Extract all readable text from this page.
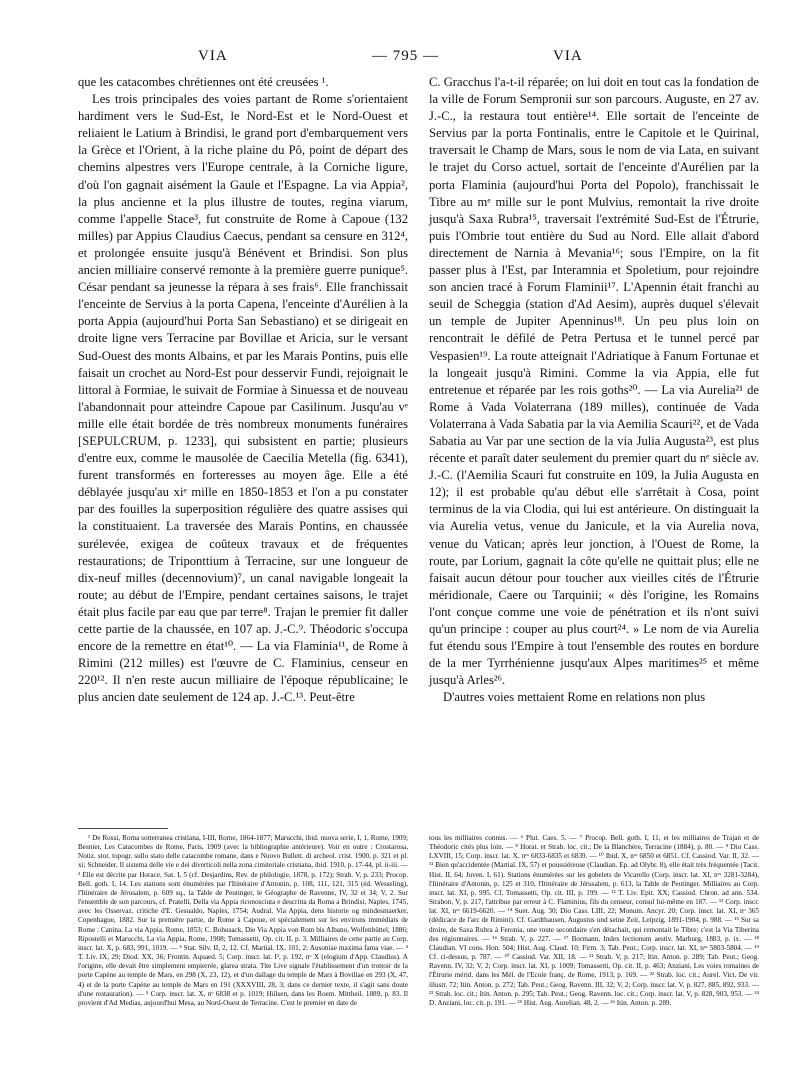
VIA	— 795 —	VIA

que les catacombes chrétiennes ont été creusées ¹.

Les trois principales des voies partant de Rome s'orientaient hardiment vers le Sud-Est, le Nord-Est et le Nord-Ouest et reliaient le Latium à Brindisi, le grand port d'embarquement vers la Grèce et l'Orient, à la riche plaine du Pô, point de départ des chemins alpestres vers l'Europe centrale, à la Corniche ligure, d'où l'on gagnait aisément la Gaule et l'Espagne. La via Appia², la plus ancienne et la plus illustre de toutes, regina viarum, comme l'appelle Stace³, fut construite de Rome à Capoue (132 milles) par Appius Claudius Caecus, pendant sa censure en 312⁴, et prolongée ensuite jusqu'à Bénévent et Brindisi. Son plus ancien milliaire conservé remonte à la première guerre punique⁵. César pendant sa jeunesse la répara à ses frais⁶. Elle franchissait l'enceinte de Servius à la porta Capena, l'enceinte d'Aurélien à la porta Appia (aujourd'hui Porta San Sebastiano) et se dirigeait en droite ligne vers Terracine par Bovillae et Aricia, sur le versant Sud-Ouest des monts Albains, et par les Marais Pontins, puis elle faisait un crochet au Nord-Est pour desservir Fundi, rejoignait le littoral à Formiae, le suivait de Formiae à Sinuessa et de nouveau l'abandonnait pour atteindre Capoue par Casilinum. Jusqu'au vᵉ mille elle était bordée de très nombreux monuments funéraires [SEPULCRUM, p. 1233], qui subsistent en partie; plusieurs d'entre eux, comme le mausolée de Caecilia Metella (fig. 6341), furent transformés en forteresses au moyen âge. Elle a été déblayée jusqu'au xiᵉ mille en 1850-1853 et l'on a pu constater par des fouilles la superposition régulière des quatre assises qui la constituaient. La traversée des Marais Pontins, en chaussée surélevée, exigea de coûteux travaux et de fréquentes restaurations; de Triponttium à Terracine, sur une longueur de dix-neuf milles (decennovium)⁷, un canal navigable longeait la route; au début de l'Empire, pendant certaines saisons, le trajet était plus facile par eau que par terre⁸. Trajan le premier fit daller cette partie de la chaussée, en 107 ap. J.-C.⁹. Théodoric s'occupa encore de la remettre en état¹⁰. — La via Flaminia¹¹, de Rome à Rimini (212 milles) est l'œuvre de C. Flaminius, censeur en 220¹². Il n'en reste aucun milliaire de l'époque républicaine; le plus ancien date seulement de 124 ap. J.-C.¹³. Peut-être

C. Gracchus l'a-t-il réparée; on lui doit en tout cas la fondation de la ville de Forum Sempronii sur son parcours. Auguste, en 27 av. J.-C., la restaura tout entière¹⁴. Elle sortait de l'enceinte de Servius par la porta Fontinalis, entre le Capitole et le Quirinal, traversait le Champ de Mars, sous le nom de via Lata, en suivant le trajet du Corso actuel, sortait de l'enceinte d'Aurélien par la porta Flaminia (aujourd'hui Porta del Popolo), franchissait le Tibre au mᵉ mille sur le pont Mulvius, remontait la rive droite jusqu'à Saxa Rubra¹⁵, traversait l'extrémité Sud-Est de l'Étrurie, puis l'Ombrie tout entière du Sud au Nord. Elle allait d'abord directement de Narnia à Mevania¹⁶; sous l'Empire, on la fit passer plus à l'Est, par Interamnia et Spoletium, pour rejoindre son ancien tracé à Forum Flaminii¹⁷. L'Apennin était franchi au seuil de Scheggia (station d'Ad Aesim), auprès duquel s'élevait un temple de Jupiter Apenninus¹⁸. Un peu plus loin on rencontrait le défilé de Petra Pertusa et le tunnel percé par Vespasien¹⁹. La route atteignait l'Adriatique à Fanum Fortunae et la longeait jusqu'à Rimini. Comme la via Appia, elle fut entretenue et réparée par les rois goths²⁰. — La via Aurelia²¹ de Rome à Vada Volaterrana (189 milles), continuée de Vada Volaterrana à Vada Sabatia par la via Aemilia Scauri²², et de Vada Sabatia au Var par une section de la via Julia Augusta²³, est plus récente et paraît dater seulement du premier quart du nᵉ siècle av. J.-C. (l'Aemilia Scauri fut construite en 109, la Julia Augusta en 12); il est probable qu'au début elle s'arrêtait à Cosa, point terminus de la via Clodia, qui lui est antérieure. On distinguait la via Aurelia vetus, venue du Janicule, et la via Aurelia nova, venue du Vatican; après leur jonction, à l'Ouest de Rome, la route, par Lorium, gagnait la côte qu'elle ne quittait plus; elle ne faisait aucun détour pour toucher aux vieilles cités de l'Étrurie méridionale, Caere ou Tarquinii; « dès l'origine, les Romains l'ont conçue comme une voie de pénétration et ils n'ont suivi qu'un principe : couper au plus court²⁴. » Le nom de via Aurelia fut étendu sous l'Empire à tout l'ensemble des routes en bordure de la mer Tyrrhénienne jusqu'aux Alpes maritimes²⁵ et même jusqu'à Arles²⁶.

D'autres voies mettaient Rome en relations non plus

¹ De Rossi, Roma sotterranea cristiana, I-III, Rome, 1864-1877; Marucchi, ibid. nuova serie, I, 1, Rome, 1909; Besnier, Les Catacombes de Rome, Paris, 1909 (avec la bibliographie antérieure). Voir en outre : Crostarosa, Notiz. stor. topogr. sullo stato delle catacombe romane, dans e Nuovo Bullett. di archeol. crist. 1900, p. 321 et pl. xi; Schneider, Il sistema delle vie e dei diverticoli nella zona cimiteriale cristiana, ibid. 1910, p. 17-44, pl. ii-iii. — ² Elle est décrite par Horace, Sat. I, 5 (cf. Desjardins, Rev. de philologie, 1878, p. 172); Strab. V, p. 233; Procop. Bell. goth. I, 14. Les stations sont énumérées par l'Itinéraire d'Antonin, p. 108, 111, 121, 315 (éd. Wesseling), l'Itinéraire de Jérusalem, p. 609 sq., la Table de Peutinger, le Géographe de Ravenne, IV, 32 et 34; V, 2. Sur l'ensemble de son parcours, cf. Pratelli, Della via Appia riconosciuta e descritta da Roma a Brindisi, Naples, 1745, avec les Osservaz. critiche d'E. Gesualdo, Naples, 1754; Audral, Via Appia, dens historie og mindesmaerker, Copenhague, 1882. Sur la première partie, de Rome à Capoue, et spécialement sur les environs immédiats de Rome : Canina, La via Appia, Rome, 1853; C. Bohusack, Die Via Appia von Rom bis Albano, Wolfenbüttel, 1886; Ripostelli et Marucchi, La via Appia, Rome, 1908; Tomassetti, Op. cit. II, p. 3. Milliaires de cette partie au Corp. inscr. lat. X, p. 683, 991, 1019. — ³ Stat. Silv. II, 2, 12. Cf. Martial. IX, 101, 2: Ausoniae maxima fama viae. — ⁴ T. Liv. IX, 29; Diod. XX, 36; Frontin. Aquaed. 5; Corp. inscr. lat. I², p. 192, nᵒ X (elogium d'App. Claudius). A l'origine, elle devait être simplement empierrée, glarea strata. Tite Live signale l'établissement d'un trottoir de la porte Capène au temple de Mars, en 298 (X, 23, 12), et d'un dallage du temple de Mars à Bovillae en 293 (X, 47, 4) et de la porte Capène au temple de Mars en 191 (XXXVIII, 28, 3; dans ce dernier texte, il s'agit sans doute d'une restauration). — ⁵ Corp. inscr. lat. X, nᵒ 6838 et p. 1019; Hülsen, dans les Roem. Mittheil. 1889, p. 83. Il provient d'Ad Medias, aujourd'hui Mesa, au Nord-Ouest de Terracine. C'est le premier en date de

tous les milliaires connus. — ⁶ Plut. Caes. 5. — ⁷ Procop. Bell. goth. I, 11, et les milliaires de Trajan et de Théodoric cités plus loin. — ⁸ Horat. et Strab. loc. cit.; De la Blanchère, Terracine (1884), p. 80. — ⁹ Dio Cass. LXVIII, 15; Corp. inscr. lat. X, nᵒˢ 6833-6835 et 6839. — ¹⁰ Ibid. X, nᵒˢ 6850 et 6851. Cf. Cassiod. Var. II, 32. — ¹¹ Bien qu'accidentée (Martial. IX, 57) et poussiéreuse (Claudian. Ep. ad Olybr. 8), elle était très fréquentée (Tacit. Hist. II, 64; Juven. I, 61). Stations énumérées sur les gobelets de Vicarello (Corp. inscr. lat. XI, nᵒˢ 3281-3284), l'Itinéraire d'Antonin, p. 125 et 310, l'Itinéraire de Jérusalem, p. 613, la Table de Peutinger. Milliaires au Corp. inscr. lat. XI, p. 995. Cf. Tomassetti, Op. cit. III, p. 199. — ¹² T. Liv. Epit. XX; Cassiod. Chron. ad ann. 534. Strabon, V, p. 217, l'attribue par erreur à C. Flaminius, fils du censeur, consul lui-même en 187. — ¹³ Corp. inscr. lat. XI, nᵒˢ 6619-6620. — ¹⁴ Suet. Aug. 30; Dio Cass. LIII, 22; Monum. Ancyr. 20; Corp. inscr. lat. XI, nᵒ 365 (dédicace de l'arc de Rimini). Cf. Gardthausen, Augustus und seine Zeit, Leipzig, 1891-1904, p. 988. — ¹⁵ Sur sa droite, de Saxa Rubra à Feronia, une route secondaire s'en détachait, qui remontait le Tibre; c'est la Via Tiberina des régionnaires. — ¹⁶ Strab. V, p. 227. — ¹⁷ Bormann, Index lectionum aestiv. Marburg, 1883, p. ix. — ¹⁸ Claudian. VI cons. Hon. 504; Hist. Aug. Claud. 10; Firm. 3; Tab. Peut.; Corp. inscr. lat. XI, nᵒˢ 5803-5804. — ¹⁹ Cf. ci-dessus, p. 787. — ²⁰ Cassiod. Var. XII, 18. — ²¹ Strab. V, p. 217; Itin. Anton. p. 289; Tab. Peut.; Geog. Ravenn. IV, 32; V, 2; Corp. inscr. lat. XI, p. 1009; Tomassetti, Op. cit. II, p. 463; Anziani, Les voies romaines de l'Étrurie mérid. dans les Mél. de l'Ecole franç. de Rome, 1913, p. 169. — ²² Strab. loc. cit.; Aurel. Vict. De vir. illustr. 72; Itin. Anton. p. 272; Tab. Peut.; Geog. Ravenn. III, 32; V, 2; Corp. inscr. lat. V, p. 827, 885, 892, 933. — ²³ Strab. loc. cit.; Itin. Anton. p. 295; Tab. Peut.; Geog. Ravenn. loc. cit.; Corp. inscr. lat. V, p. 828, 903, 953. — ²⁴ D. Anziani, loc. cit. p. 191. — ²⁵ Hist. Aug. Aurelian. 48, 2. — ²⁶ Itin. Anton. p. 289.
